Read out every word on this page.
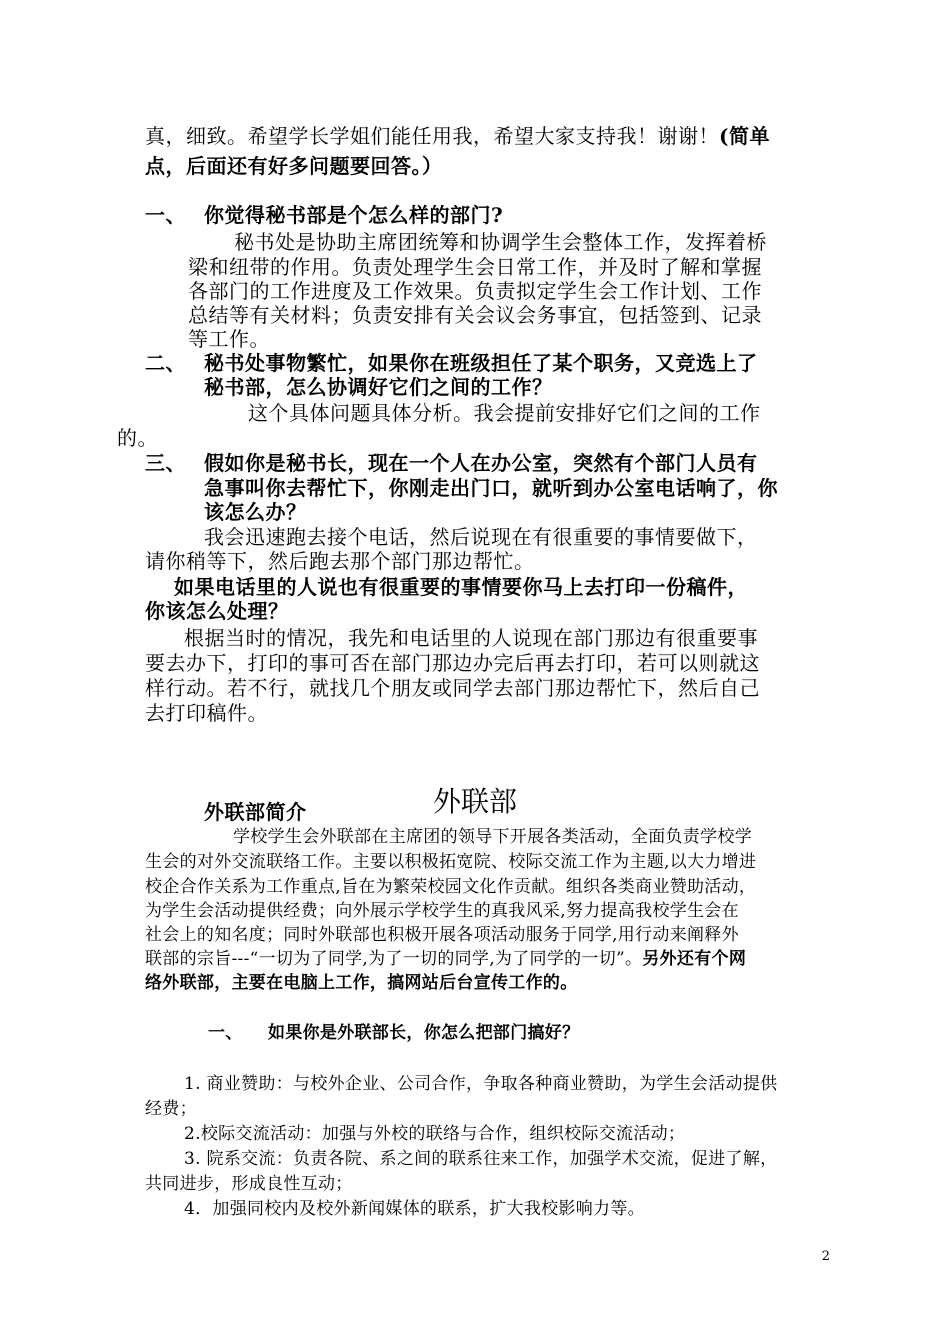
真，细致。希望学长学姐们能任用我，希望大家支持我！谢谢！(简单

点，后面还有好多问题要回答。）

一、 你觉得秘书部是个怎么样的部门?

秘书处是协助主席团统筹和协调学生会整体工作，发挥着桥

梁和纽带的作用。负责处理学生会日常工作，并及时了解和掌握

各部门的工作进度及工作效果。负责拟定学生会工作计划、工作

总结等有关材料；负责安排有关会议会务事宜，包括签到、记录

等工作。

二、 秘书处事物繁忙，如果你在班级担任了某个职务，又竞选上了

秘书部，怎么协调好它们之间的工作？

这个具体问题具体分析。我会提前安排好它们之间的工作

的。

三、 假如你是秘书长，现在一个人在办公室，突然有个部门人员有

急事叫你去帮忙下，你刚走出门口，就听到办公室电话响了，你

该怎么办？

我会迅速跑去接个电话，然后说现在有很重要的事情要做下，

请你稍等下，然后跑去那个部门那边帮忙。

如果电话里的人说也有很重要的事情要你马上去打印一份稿件，

你该怎么处理？

根据当时的情况，我先和电话里的人说现在部门那边有很重要事

要去办下，打印的事可否在部门那边办完后再去打印，若可以则就这

样行动。若不行，就找几个朋友或同学去部门那边帮忙下，然后自己

去打印稿件。

外联部

外联部简介

学校学生会外联部在主席团的领导下开展各类活动，全面负责学校学

生会的对外交流联络工作。主要以积极拓宽院、校际交流工作为主题,以大力增进

校企合作关系为工作重点,旨在为繁荣校园文化作贡献。组织各类商业赞助活动，

为学生会活动提供经费；向外展示学校学生的真我风采,努力提高我校学生会在

社会上的知名度；同时外联部也积极开展各项活动服务于同学,用行动来阐释外

联部的宗旨---“一切为了同学,为了一切的同学,为了同学的一切”。另外还有个网

络外联部，主要在电脑上工作，搞网站后台宣传工作的。

一、 如果你是外联部长，你怎么把部门搞好？

1. 商业赞助：与校外企业、公司合作，争取各种商业赞助，为学生会活动提供

经费；

2.校际交流活动：加强与外校的联络与合作，组织校际交流活动；

3. 院系交流：负责各院、系之间的联系往来工作，加强学术交流，促进了解，

共同进步，形成良性互动；

4．加强同校内及校外新闻媒体的联系，扩大我校影响力等。

2
